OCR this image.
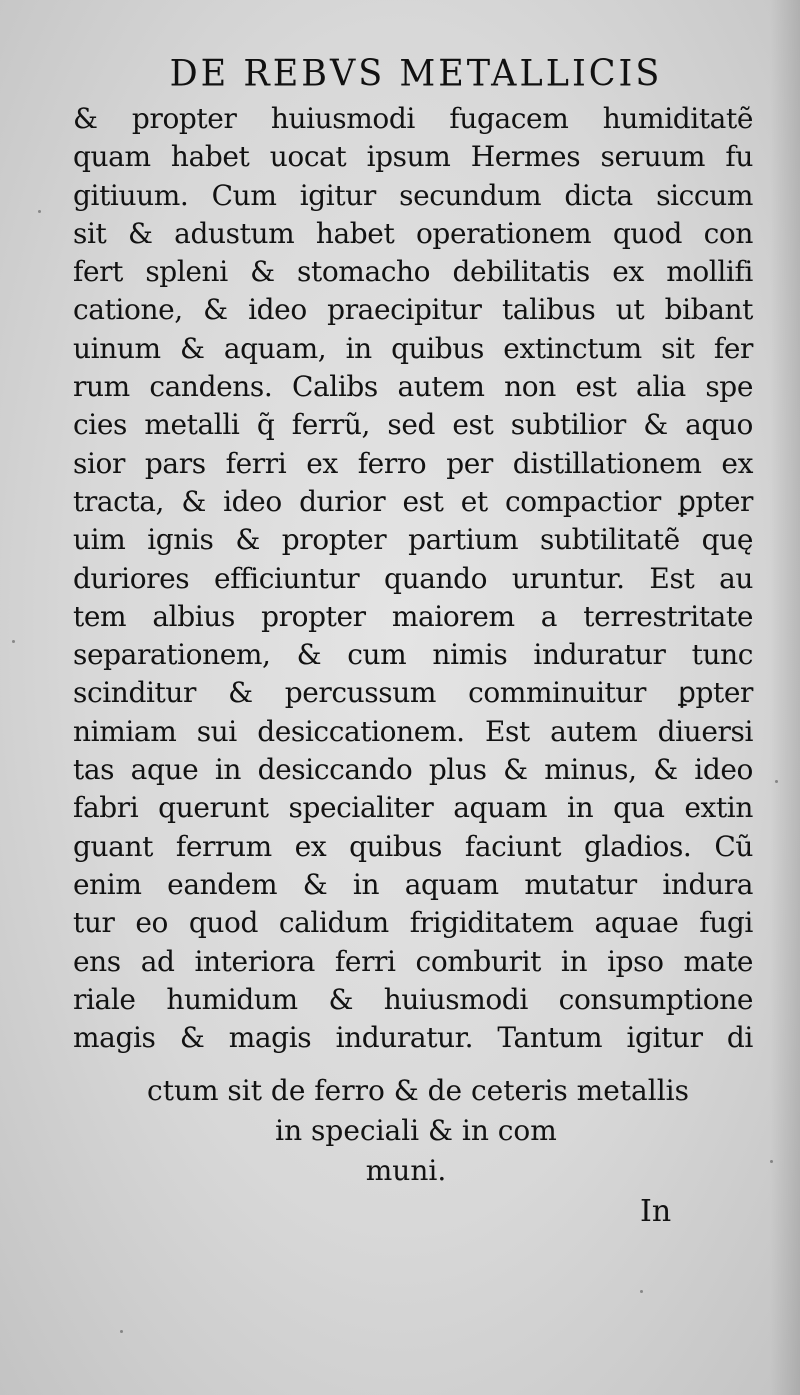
DE REBVS METALLICIS
& propter huiusmodi fugacem humiditatẽ
quam habet uocat ipsum Hermes seruum fu
gitiuum. Cum igitur secundum dicta siccum
sit & adustum habet operationem quod con
fert spleni & stomacho debilitatis ex mollifi
catione, & ideo praecipitur talibus ut bibant
uinum & aquam, in quibus extinctum sit fer
rum candens. Calibs autem non est alia spe
cies metalli q̃ ferrũ, sed est subtilior & aquo
sior pars ferri ex ferro per distillationem ex
tracta, & ideo durior est et compactior ꝑpter
uim ignis & propter partium subtilitatẽ quę
duriores efficiuntur quando uruntur. Est au
tem albius propter maiorem a terrestritate
separationem, & cum nimis induratur tunc
scinditur & percussum comminuitur ꝑpter
nimiam sui desiccationem. Est autem diuersi
tas aque in desiccando plus & minus, & ideo
fabri querunt specialiter aquam in qua extin
guant ferrum ex quibus faciunt gladios. Cũ
enim eandem & in aquam mutatur indura
tur eo quod calidum frigiditatem aquae fugi
ens ad interiora ferri comburit in ipso mate
riale humidum & huiusmodi consumptione
magis & magis induratur. Tantum igitur di
ctum sit de ferro & de ceteris metallis
in speciali & in com
muni.
In
